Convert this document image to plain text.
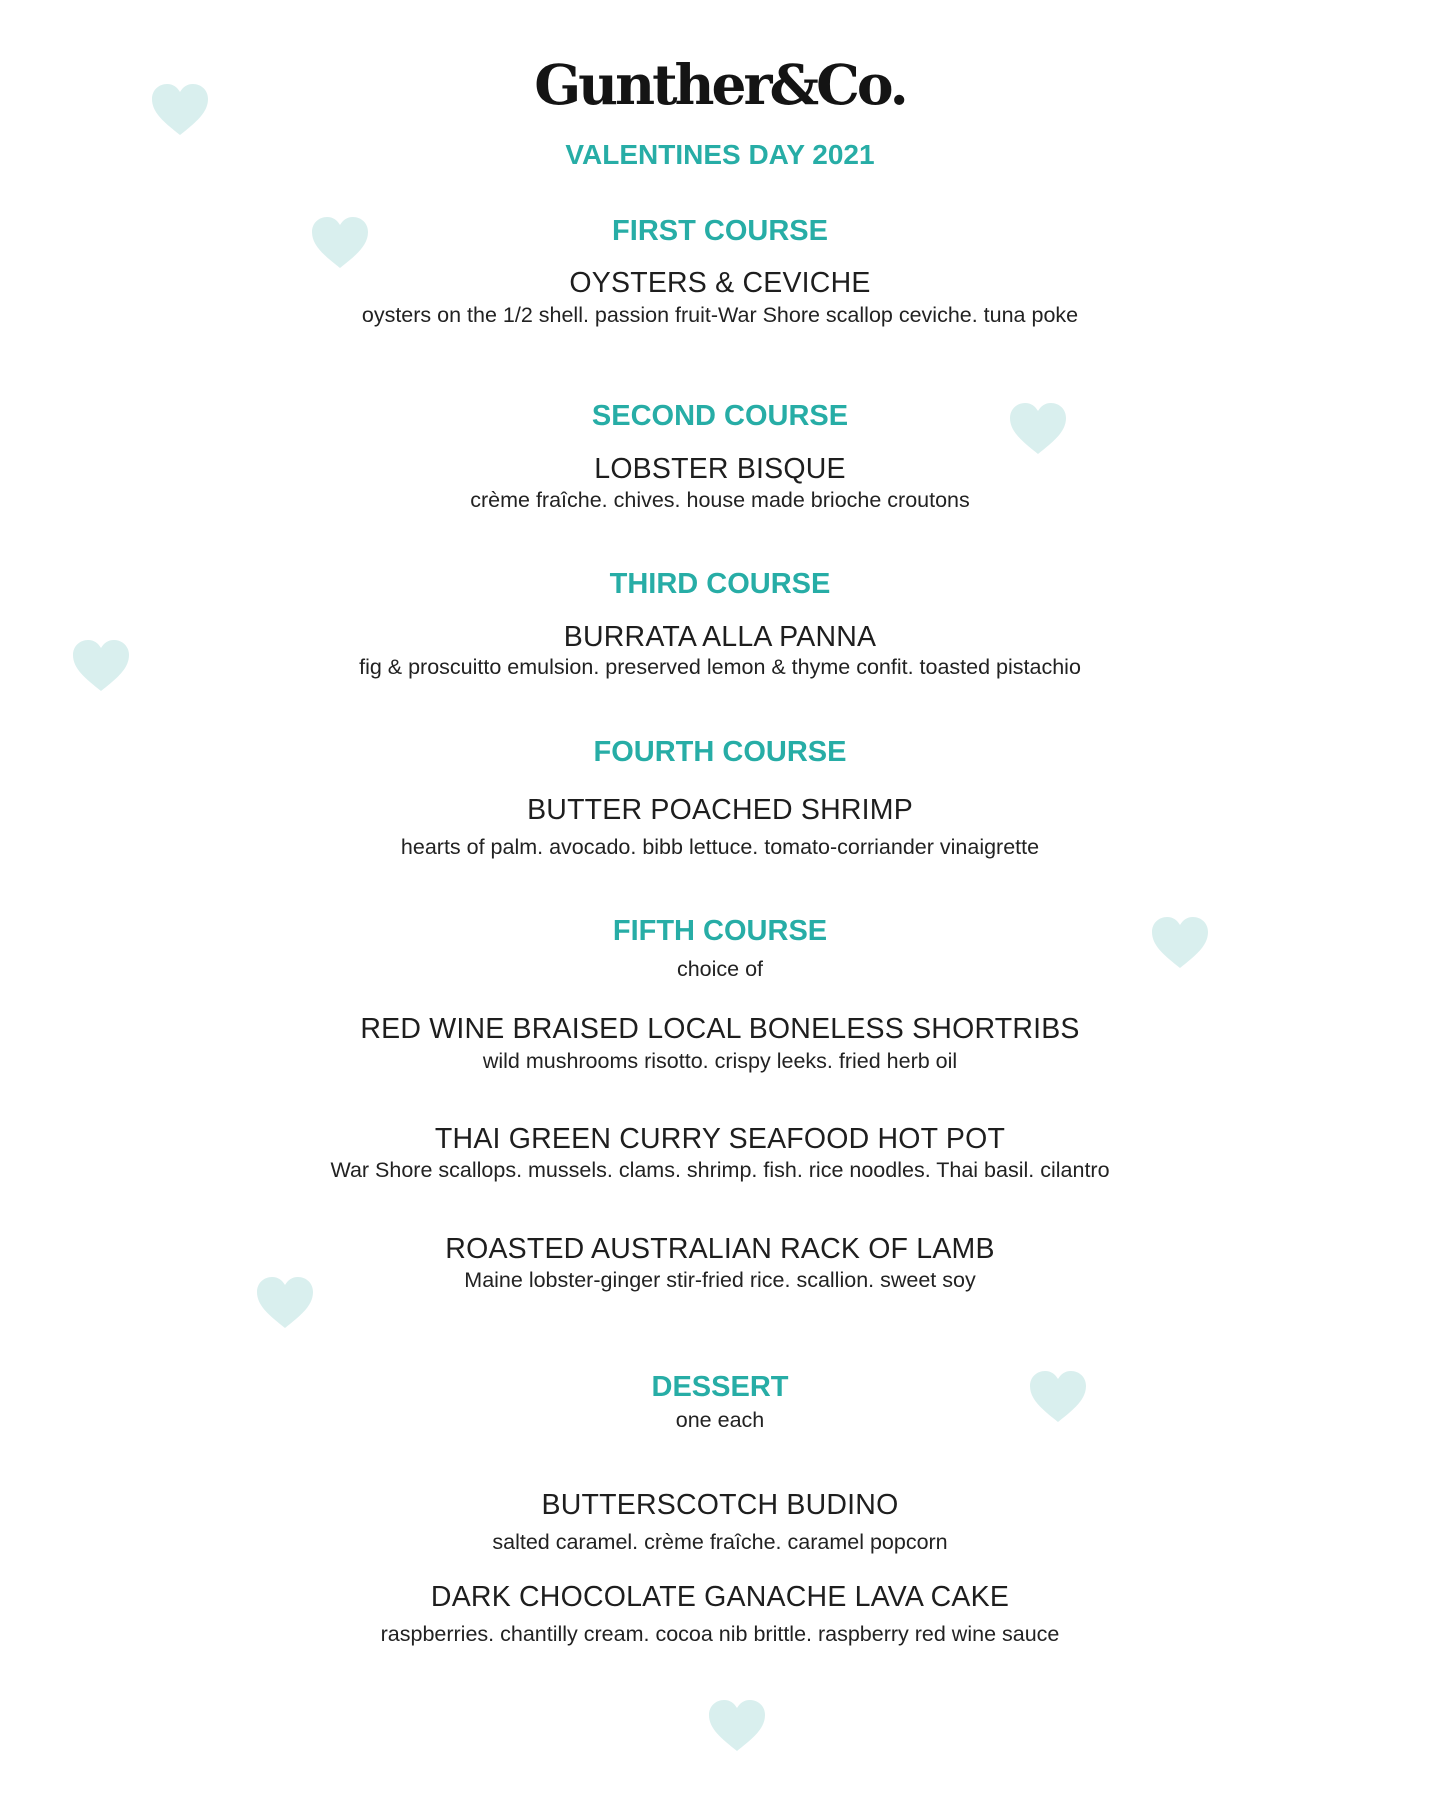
Gunther&Co.
VALENTINES DAY 2021
FIRST COURSE
OYSTERS & CEVICHE
oysters on the 1/2 shell. passion fruit-War Shore scallop ceviche. tuna poke
SECOND COURSE
LOBSTER BISQUE
crème fraîche. chives. house made brioche croutons
THIRD COURSE
BURRATA ALLA PANNA
fig & proscuitto emulsion. preserved lemon & thyme confit. toasted pistachio
FOURTH COURSE
BUTTER POACHED SHRIMP
hearts of palm. avocado. bibb lettuce. tomato-corriander vinaigrette
FIFTH COURSE
choice of
RED WINE BRAISED LOCAL BONELESS SHORTRIBS
wild mushrooms risotto. crispy leeks. fried herb oil
THAI GREEN CURRY SEAFOOD HOT POT
War Shore scallops. mussels. clams. shrimp. fish. rice noodles. Thai basil. cilantro
ROASTED AUSTRALIAN RACK OF LAMB
Maine lobster-ginger stir-fried rice. scallion. sweet soy
DESSERT
one each
BUTTERSCOTCH BUDINO
salted caramel. crème fraîche. caramel popcorn
DARK CHOCOLATE GANACHE LAVA CAKE
raspberries. chantilly cream. cocoa nib brittle. raspberry red wine sauce
